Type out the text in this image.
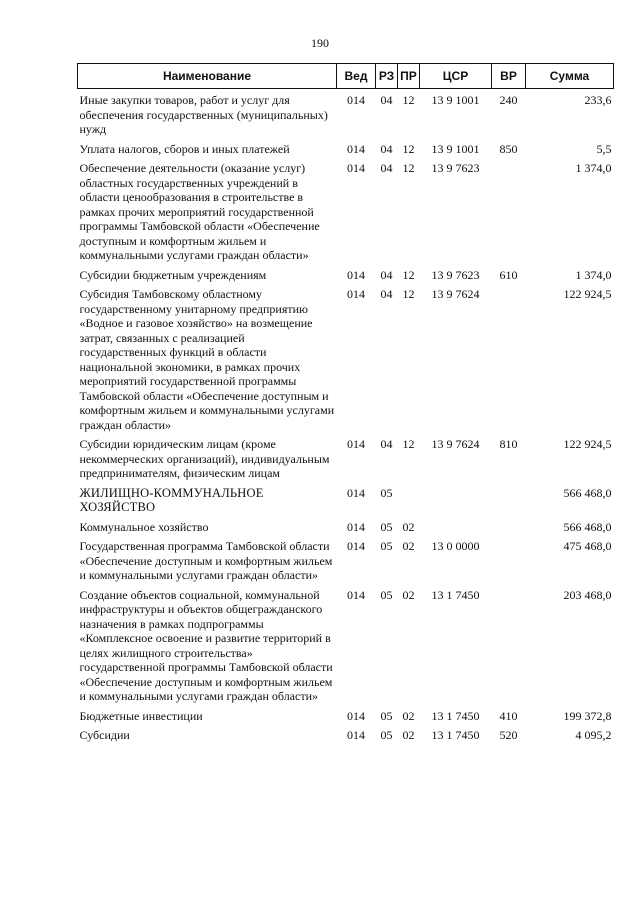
190
Наименование	Вед	РЗ	ПР	ЦСР	ВР	Сумма
Иные закупки товаров, работ и услуг для обеспечения государственных (муниципальных) нужд	014	04	12	13 9 1001	240	233,6
Уплата налогов, сборов и иных платежей	014	04	12	13 9 1001	850	5,5
Обеспечение деятельности (оказание услуг) областных государственных учреждений в области ценообразования в строительстве в рамках прочих мероприятий государственной программы Тамбовской области «Обеспечение доступным и комфортным жильем и коммунальными услугами граждан области»	014	04	12	13 9 7623		1 374,0
Субсидии бюджетным учреждениям	014	04	12	13 9 7623	610	1 374,0
Субсидия Тамбовскому областному государственному унитарному предприятию «Водное и газовое хозяйство» на возмещение затрат, связанных с реализацией государственных функций в области национальной экономики, в рамках прочих мероприятий государственной программы Тамбовской области «Обеспечение доступным и комфортным жильем и коммунальными услугами граждан области»	014	04	12	13 9 7624		122 924,5
Субсидии юридическим лицам (кроме некоммерческих организаций), индивидуальным предпринимателям, физическим лицам	014	04	12	13 9 7624	810	122 924,5
ЖИЛИЩНО-КОММУНАЛЬНОЕ ХОЗЯЙСТВО	014	05				566 468,0
Коммунальное хозяйство	014	05	02			566 468,0
Государственная программа Тамбовской области «Обеспечение доступным и комфортным жильем и коммунальными услугами граждан области»	014	05	02	13 0 0000		475 468,0
Создание объектов социальной, коммунальной инфраструктуры и объектов общегражданского назначения в рамках подпрограммы «Комплексное освоение и развитие территорий в целях жилищного строительства» государственной программы Тамбовской области «Обеспечение доступным и комфортным жильем и коммунальными услугами граждан области»	014	05	02	13 1 7450		203 468,0
Бюджетные инвестиции	014	05	02	13 1 7450	410	199 372,8
Субсидии	014	05	02	13 1 7450	520	4 095,2
